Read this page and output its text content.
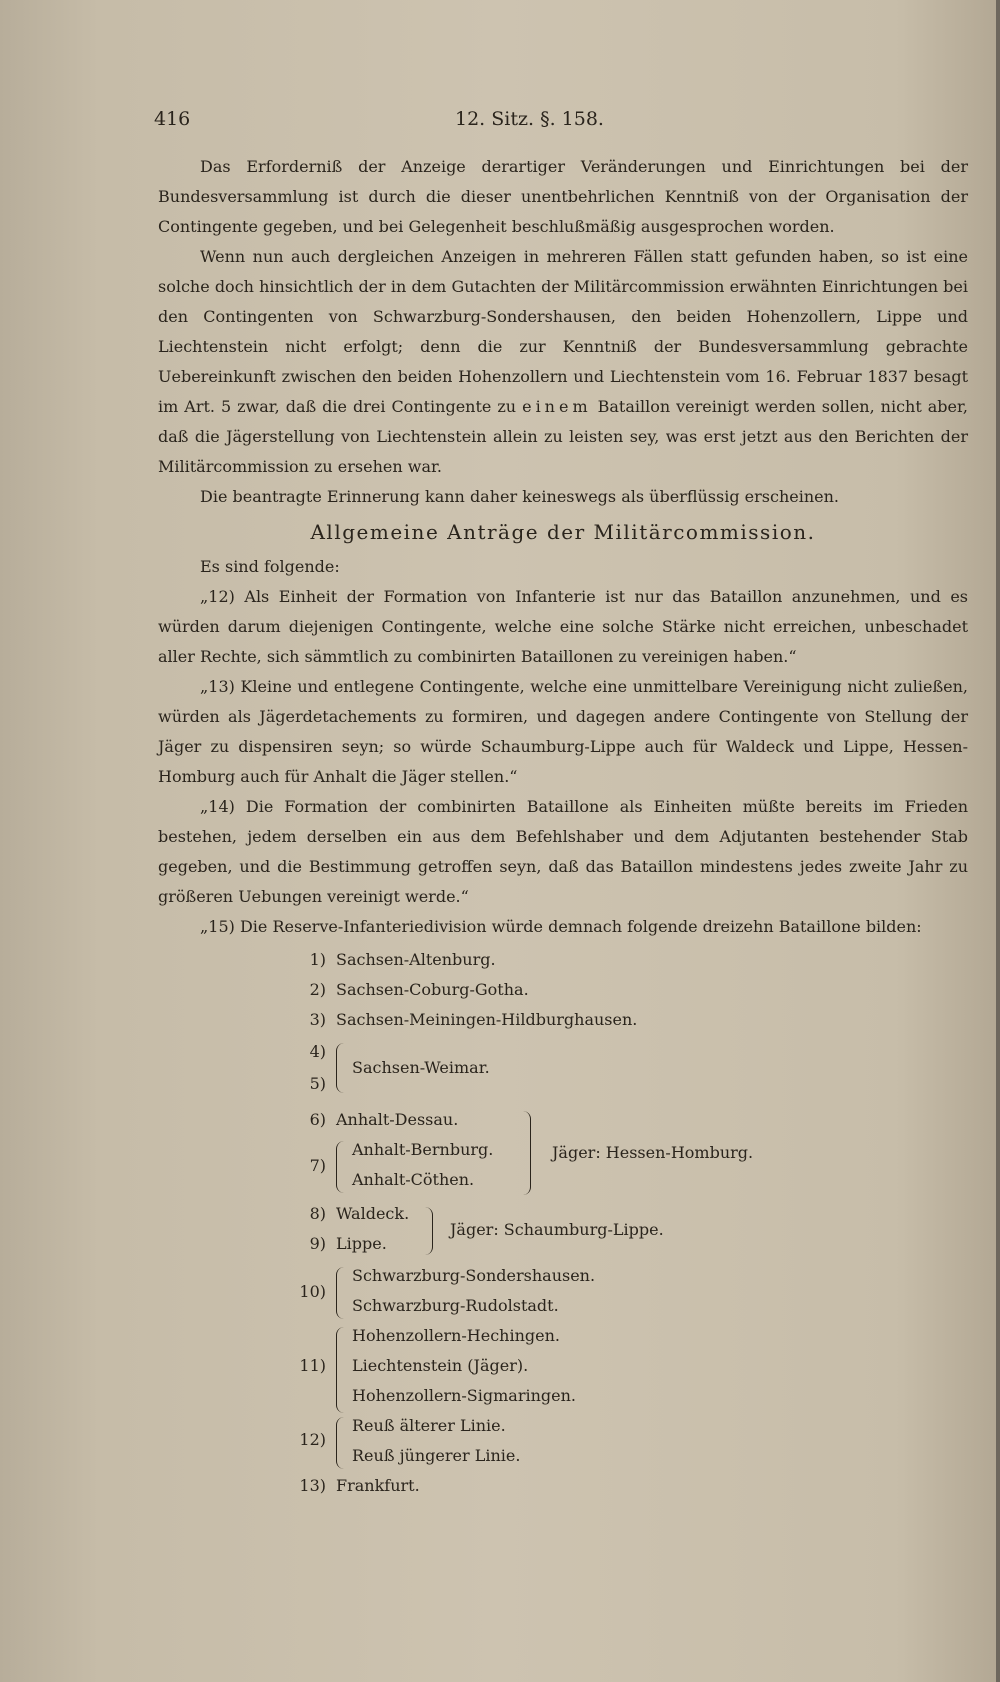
416	12. Sitz. §. 158.

Das Erforderniß der Anzeige derartiger Veränderungen und Einrichtungen bei der Bundesversammlung ist durch die dieser unentbehrlichen Kenntniß von der Organisation der Contingente gegeben, und bei Gelegenheit beschlußmäßig ausgesprochen worden.

Wenn nun auch dergleichen Anzeigen in mehreren Fällen statt gefunden haben, so ist eine solche doch hinsichtlich der in dem Gutachten der Militärcommission erwähnten Einrichtungen bei den Contingenten von Schwarzburg-Sondershausen, den beiden Hohenzollern, Lippe und Liechtenstein nicht erfolgt; denn die zur Kenntniß der Bundesversammlung gebrachte Uebereinkunft zwischen den beiden Hohenzollern und Liechtenstein vom 16. Februar 1837 besagt im Art. 5 zwar, daß die drei Contingente zu einem Bataillon vereinigt werden sollen, nicht aber, daß die Jägerstellung von Liechtenstein allein zu leisten sey, was erst jetzt aus den Berichten der Militärcommission zu ersehen war.

Die beantragte Erinnerung kann daher keineswegs als überflüssig erscheinen.

Allgemeine Anträge der Militärcommission.

Es sind folgende:

„12) Als Einheit der Formation von Infanterie ist nur das Bataillon anzunehmen, und es würden darum diejenigen Contingente, welche eine solche Stärke nicht erreichen, unbeschadet aller Rechte, sich sämmtlich zu combinirten Bataillonen zu vereinigen haben.“

„13) Kleine und entlegene Contingente, welche eine unmittelbare Vereinigung nicht zuließen, würden als Jägerdetachements zu formiren, und dagegen andere Contingente von Stellung der Jäger zu dispensiren seyn; so würde Schaumburg-Lippe auch für Waldeck und Lippe, Hessen-Homburg auch für Anhalt die Jäger stellen.“

„14) Die Formation der combinirten Bataillone als Einheiten müßte bereits im Frieden bestehen, jedem derselben ein aus dem Befehlshaber und dem Adjutanten bestehender Stab gegeben, und die Bestimmung getroffen seyn, daß das Bataillon mindestens jedes zweite Jahr zu größeren Uebungen vereinigt werde.“

„15) Die Reserve-Infanteriedivision würde demnach folgende dreizehn Bataillone bilden:

1) Sachsen-Altenburg.
2) Sachsen-Coburg-Gotha.
3) Sachsen-Meiningen-Hildburghausen.
4)
5)
Sachsen-Weimar.
6) Anhalt-Dessau.
7)
Anhalt-Bernburg.
Anhalt-Cöthen.
Jäger: Hessen-Homburg.
8) Waldeck.
9) Lippe.
Jäger: Schaumburg-Lippe.
10)
Schwarzburg-Sondershausen.
Schwarzburg-Rudolstadt.
11)
Hohenzollern-Hechingen.
Liechtenstein (Jäger).
Hohenzollern-Sigmaringen.
12)
Reuß älterer Linie.
Reuß jüngerer Linie.
13) Frankfurt.
